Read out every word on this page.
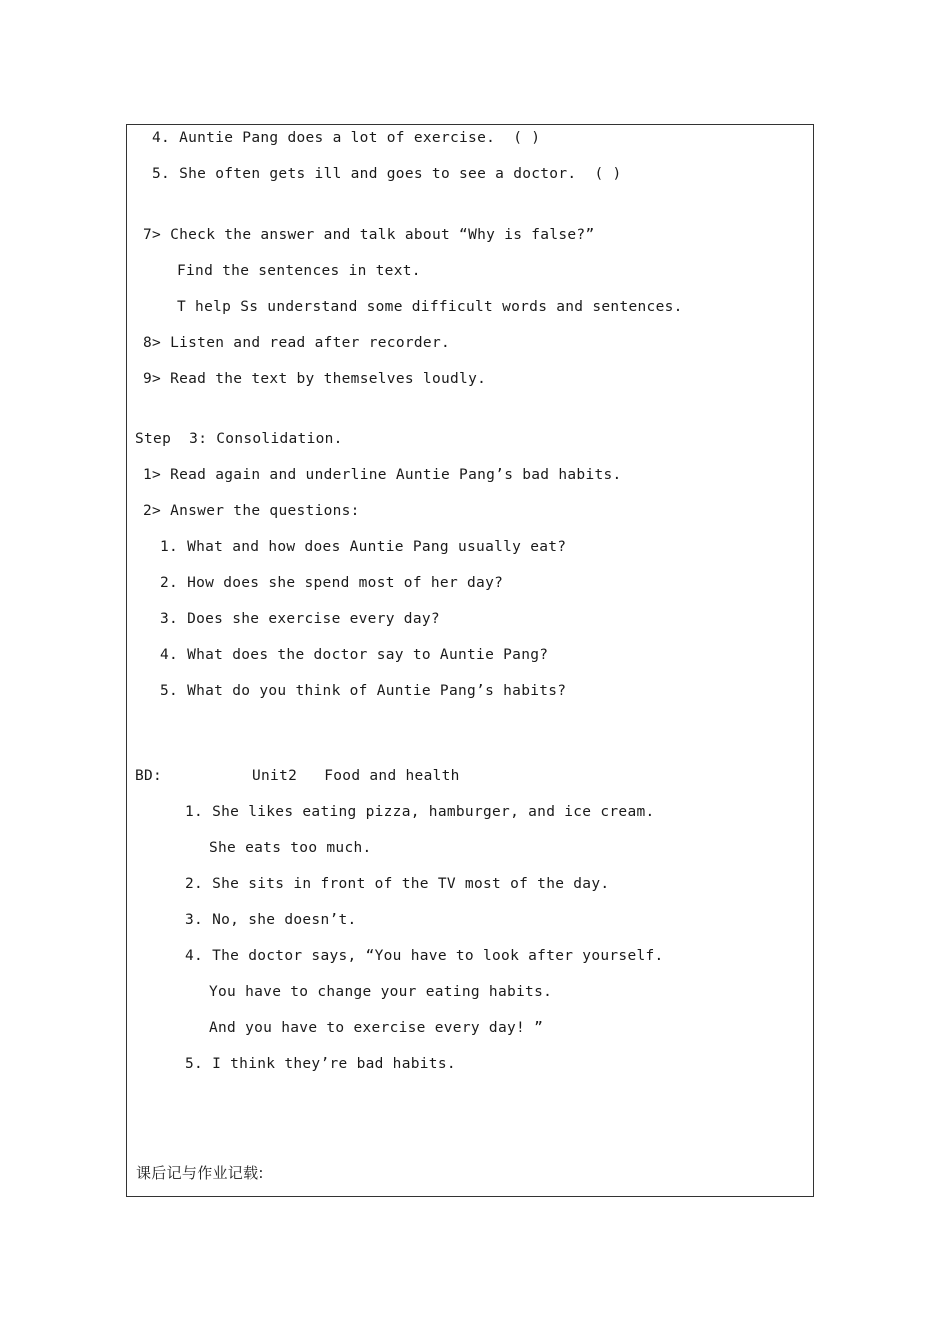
4. Auntie Pang does a lot of exercise.  ( )
5. She often gets ill and goes to see a doctor.  ( )
7> Check the answer and talk about “Why is false?”
Find the sentences in text.
T help Ss understand some difficult words and sentences.
8> Listen and read after recorder.
9> Read the text by themselves loudly.
Step  3: Consolidation.
1> Read again and underline Auntie Pang’s bad habits.
2> Answer the questions:
1. What and how does Auntie Pang usually eat?
2. How does she spend most of her day?
3. Does she exercise every day?
4. What does the doctor say to Auntie Pang?
5. What do you think of Auntie Pang’s habits?
BD:	Unit2   Food and health
1. She likes eating pizza, hamburger, and ice cream.
She eats too much.
2. She sits in front of the TV most of the day.
3. No, she doesn’t.
4. The doctor says, “You have to look after yourself.
You have to change your eating habits.
And you have to exercise every day! ”
5. I think they’re bad habits.
课后记与作业记载:
